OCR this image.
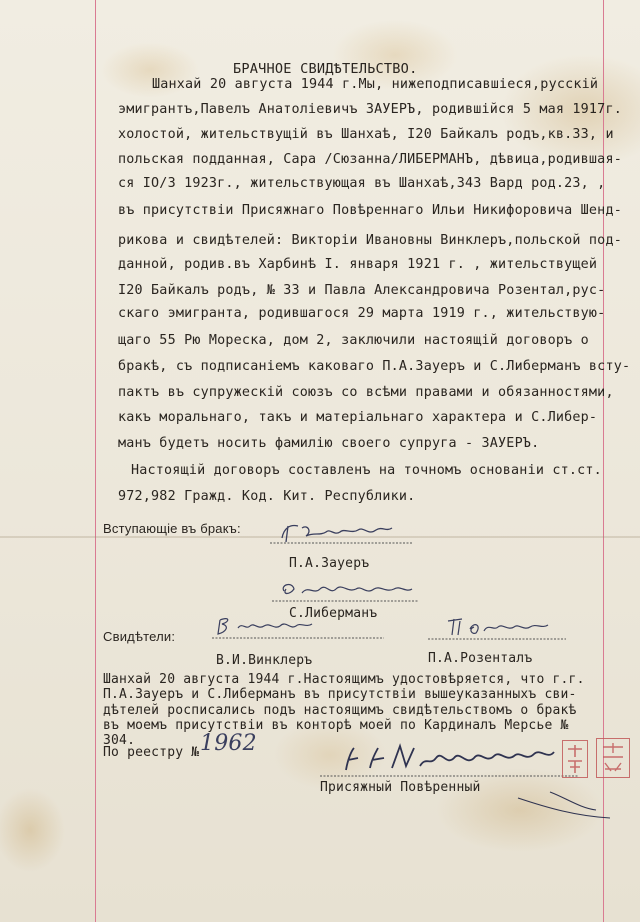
БРАЧНОЕ СВИДѢТЕЛЬСТВО.
Шанхай 20 августа 1944 г.Мы, нижеподписавшіеся,русскій
эмигрантъ,Павелъ Анатоліевичъ ЗАУЕРЪ, родившійся 5 мая 1917г.
холостой, жительствущій въ Шанхаѣ, I20 Байкалъ родъ,кв.33, и
польская подданная, Сара /Сюзанна/ЛИБЕРМАНЪ, дѣвица,родившая-
ся IO/3 1923г., жительствующая въ Шанхаѣ,343 Вард род.23, ,
въ присутствіи Присяжнаго Повѣреннаго Ильи Никифоровича Шенд-
рикова и свидѣтелей: Викторіи Ивановны Винклеръ,польской под-
данной, родив.въ Харбинѣ I. января 1921 г. , жительствущей
I20 Байкалъ родъ, № 33 и Павла Александровича Розентал,рус-
скаго эмигранта, родившагося 29 марта 1919 г., жительствую-
щаго 55 Рю Мореска, дом 2, заключили настоящій договоръ о
бракѣ, съ подписаніемъ каковаго П.А.Зауеръ и С.Либерманъ всту-
пактъ въ супружескій союзъ со всѣми правами и обязанностями,
какъ моральнаго, такъ и матеріальнаго характера и С.Либер-
манъ будетъ носить фамилію своего супруга - ЗАУЕРЪ.
Настоящій договоръ составленъ на точномъ основаніи ст.ст.
972,982 Гражд. Код. Кит. Республики.
Вступающіе въ бракъ:
П.А.Зауеръ
С.Либерманъ
Свидѣтели:
В.И.Винклеръ	П.А.Розенталъ
Шанхай 20 августа 1944 г.Настоящимъ удостовѣряется, что г.г.
П.А.Зауеръ и С.Либерманъ въ присутствіи вышеуказанныхъ сви-
дѣтелей росписались подъ настоящимъ свидѣтельствомъ о бракѣ
въ моемъ присутствіи въ конторѣ моей по Кардиналъ Мерсье №
304.
По реестру № 1962
Присяжный Повѣренный
